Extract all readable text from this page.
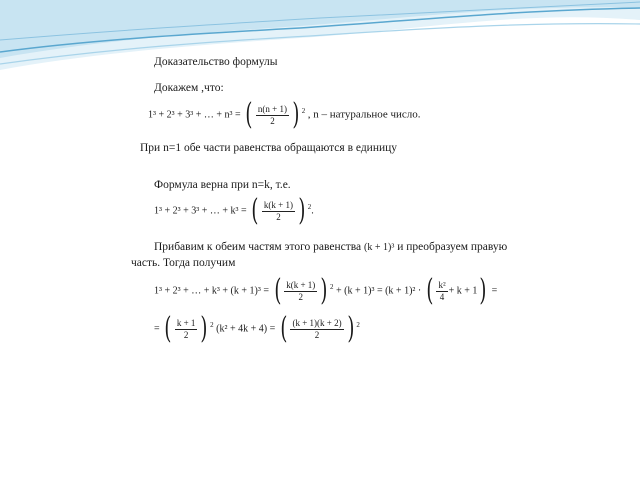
Доказательство формулы
Докажем ,что:
1³ + 2³ + 3³ + … + n³ = ( $\frac{n(n + 1)}{2}$ ) $^2$ , n – натуральное число.
При n=1 обе части равенства обращаются в единицу
Формула верна при n=k, т.е.
1³ + 2³ + 3³ + … + k³ = ( $\frac{k(k + 1)}{2}$ ) $^2$.
Прибавим к обеим частям этого равенства (k + 1)³ и преобразуем правую
часть. Тогда получим
1³ + 2³ + … + k³ + (k + 1)³ = ( $\frac{k(k + 1)}{2}$ ) $^2$ + (k + 1)³ = (k + 1)² · ( $\frac{\text{k²}}{4} + k + 1$) =
= ( $\frac{k + 1}{2}$ ) $^2$ (k² + 4k + 4) = ( $\frac{(k + 1)(k + 2)}{2}$ ) $^2$
